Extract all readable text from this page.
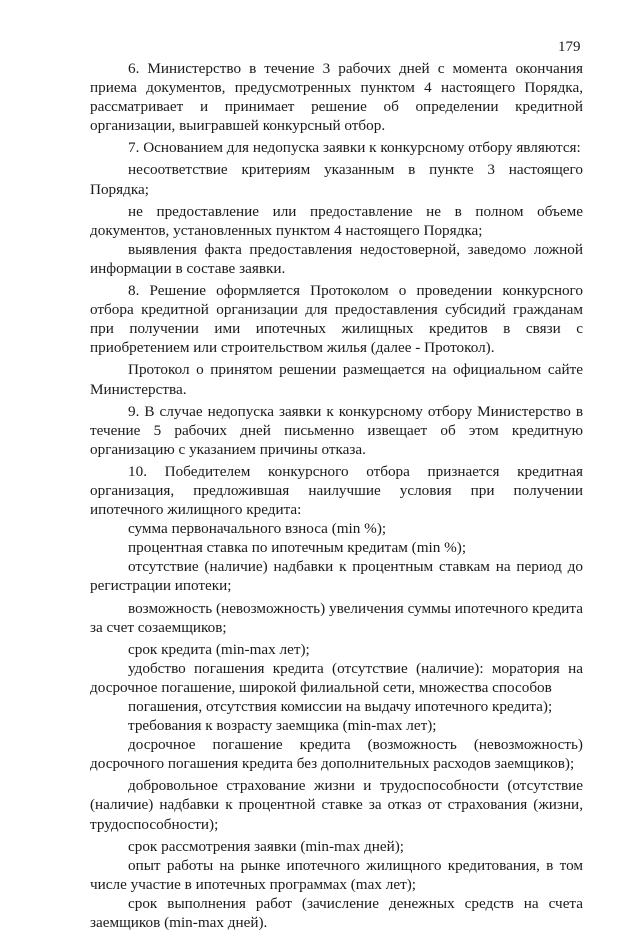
179

6. Министерство в течение 3 рабочих дней с момента окончания приема документов, предусмотренных пунктом 4 настоящего Порядка, рассматривает и принимает решение об определении кредитной организации, выигравшей конкурсный отбор.

7. Основанием для недопуска заявки к конкурсному отбору являются:

несоответствие критериям указанным в пункте 3 настоящего Порядка;

не предоставление или предоставление не в полном объеме документов, установленных пунктом 4 настоящего Порядка;

выявления факта предоставления недостоверной, заведомо ложной информации в составе заявки.

8. Решение оформляется Протоколом о проведении конкурсного отбора кредитной организации для предоставления субсидий гражданам при получении ими ипотечных жилищных кредитов в связи с приобретением или строительством жилья (далее - Протокол).

Протокол о принятом решении размещается на официальном сайте Министерства.

9. В случае недопуска заявки к конкурсному отбору Министерство в течение 5 рабочих дней письменно извещает об этом кредитную организацию с указанием причины отказа.

10. Победителем конкурсного отбора признается кредитная организация, предложившая наилучшие условия при получении ипотечного жилищного кредита:

сумма первоначального взноса (min %);

процентная ставка по ипотечным кредитам (min %);

отсутствие (наличие) надбавки к процентным ставкам на период до регистрации ипотеки;

возможность (невозможность) увеличения суммы ипотечного кредита за счет созаемщиков;

срок кредита (min-max лет);

удобство погашения кредита (отсутствие (наличие): моратория на досрочное погашение, широкой филиальной сети, множества способов

погашения, отсутствия комиссии на выдачу ипотечного кредита);

требования к возрасту заемщика (min-max лет);

досрочное погашение кредита (возможность (невозможность) досрочного погашения кредита без дополнительных расходов заемщиков);

добровольное страхование жизни и трудоспособности (отсутствие (наличие) надбавки к процентной ставке за отказ от страхования (жизни, трудоспособности);

срок рассмотрения заявки (min-max дней);

опыт работы на рынке ипотечного жилищного кредитования, в том числе участие в ипотечных программах (max лет);

срок выполнения работ (зачисление денежных средств на счета заемщиков (min-max дней).
